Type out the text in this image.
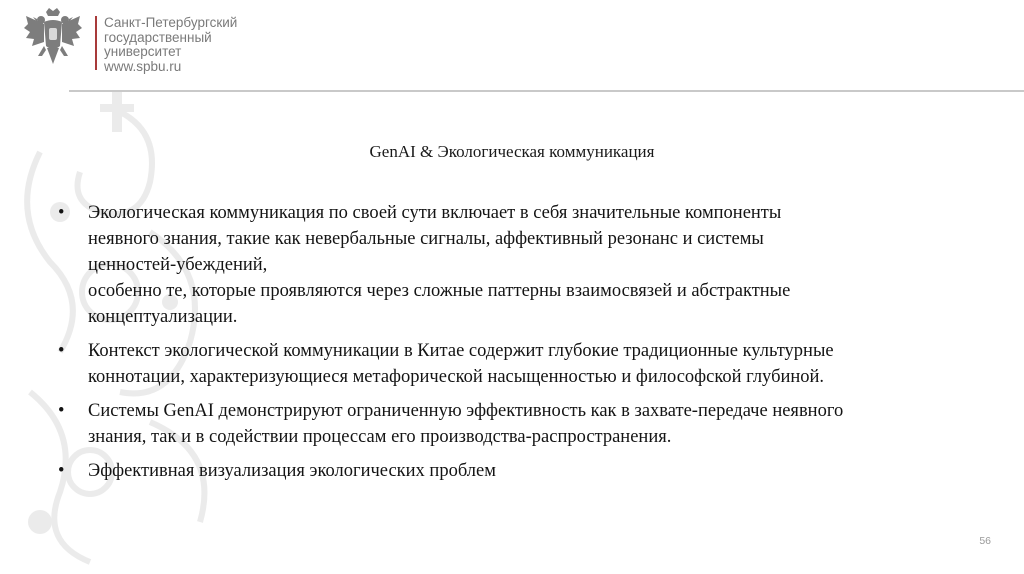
Санкт-Петербургский
государственный
университет
www.spbu.ru
GenAI & Экологическая коммуникация
• Экологическая коммуникация по своей сути включает в себя значительные компоненты
неявного знания, такие как невербальные сигналы, аффективный резонанс и системы
ценностей-убеждений,
особенно те, которые проявляются через сложные паттерны взаимосвязей и абстрактные
концептуализации.
• Контекст экологической коммуникации в Китае содержит глубокие традиционные культурные
коннотации, характеризующиеся метафорической насыщенностью и философской глубиной.
• Системы GenAI демонстрируют ограниченную эффективность как в захвате-передаче неявного
знания, так и в содействии процессам его производства-распространения.
• Эффективная визуализация экологических проблем
56
